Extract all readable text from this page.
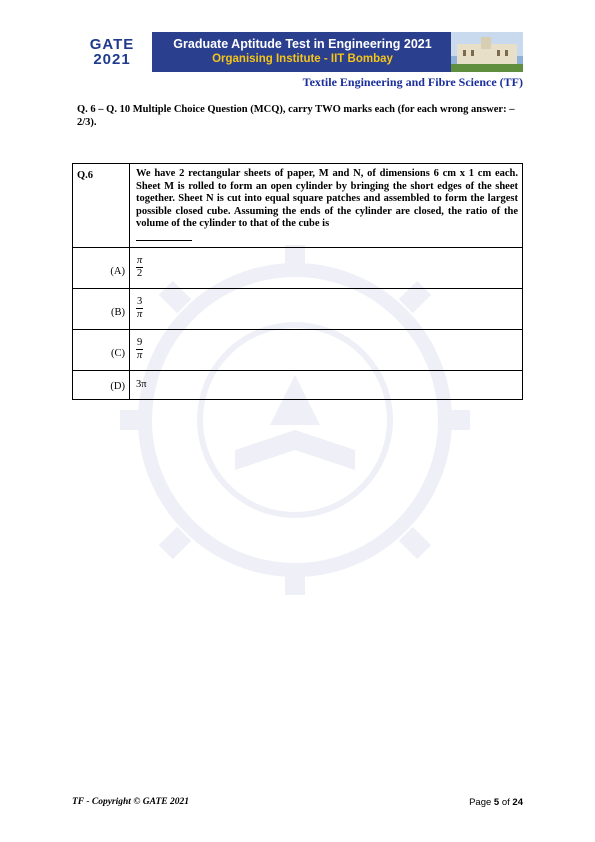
GATE
2021
Graduate Aptitude Test in Engineering 2021
Organising Institute - IIT Bombay
Textile Engineering and Fibre Science (TF)
Q. 6 – Q. 10 Multiple Choice Question (MCQ), carry TWO marks each (for each wrong answer: – 2/3).
Q.6	We have 2 rectangular sheets of paper, M and N, of dimensions 6 cm x 1 cm each. Sheet M is rolled to form an open cylinder by bringing the short edges of the sheet together. Sheet N is cut into equal square patches and assembled to form the largest possible closed cube. Assuming the ends of the cylinder are closed, the ratio of the volume of the cylinder to that of the cube is

(A)	$\frac{\pi}{2}$

(B)	$\frac{3}{\pi}$

(C)	$\frac{9}{\pi}$

(D)	3π
TF - Copyright © GATE 2021	Page 5 of 24
